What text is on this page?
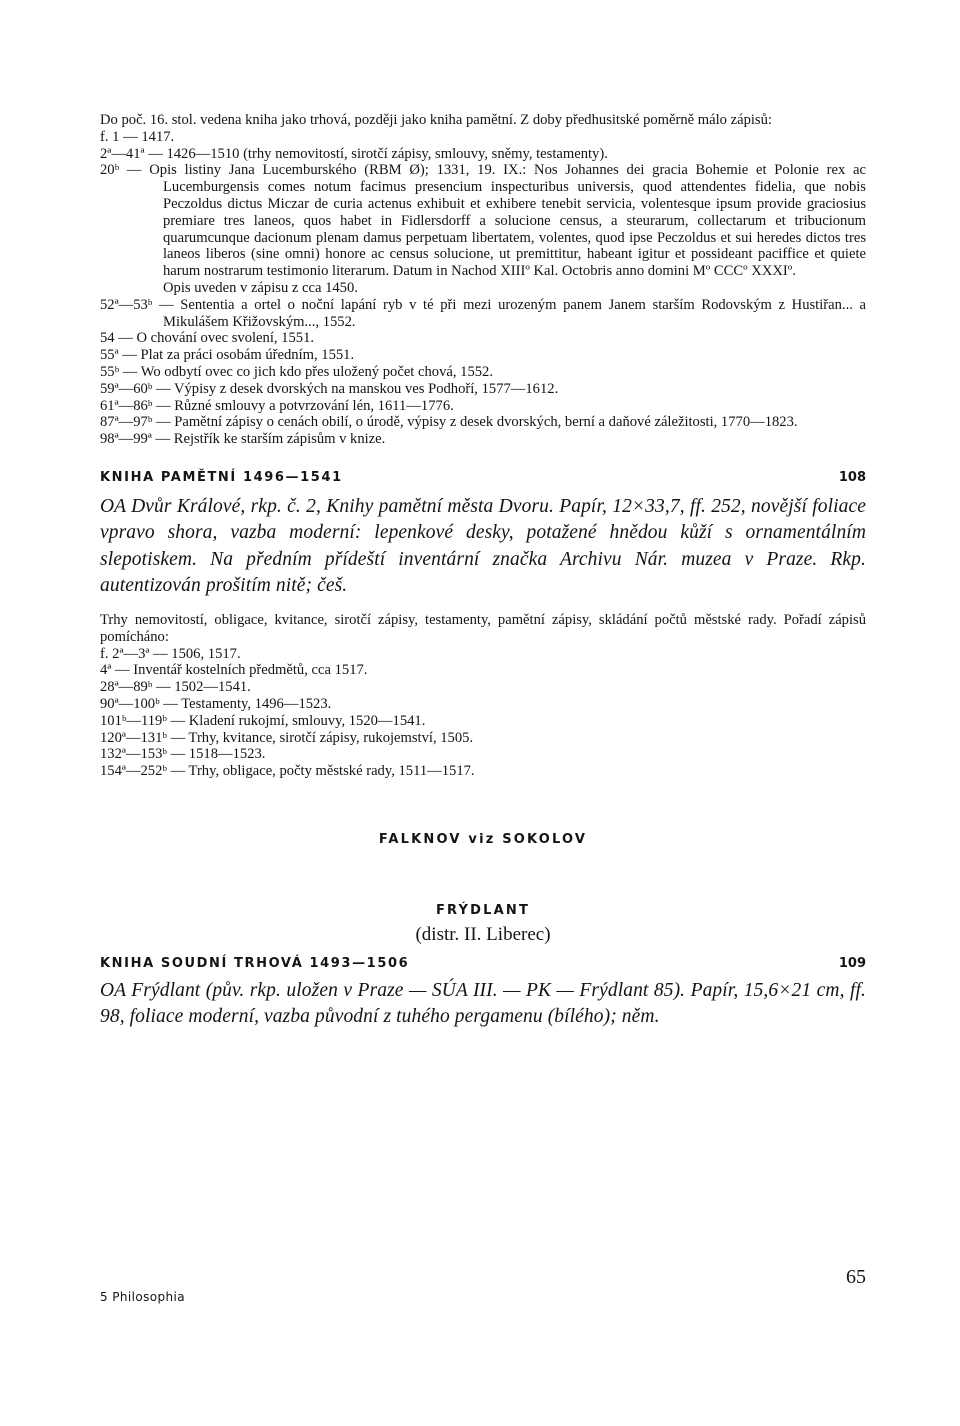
Do poč. 16. stol. vedena kniha jako trhová, později jako kniha pamětní. Z doby předhusitské poměrně málo zápisů:

f. 1 — 1417.

2ª—41ª — 1426—1510 (trhy nemovitostí, sirotčí zápisy, smlouvy, sněmy, testamenty).

20ᵇ — Opis listiny Jana Lucemburského (RBM Ø); 1331, 19. IX.: Nos Johannes dei gracia Bohemie et Polonie rex ac Lucemburgensis comes notum facimus presencium inspecturibus universis, quod attendentes fidelia, que nobis Peczoldus dictus Miczar de curia actenus exhibuit et exhibere tenebit servicia, volentesque ipsum provide graciosius premiare tres laneos, quos habet in Fidlersdorff a solucione census, a steurarum, collectarum et tribucionum quarumcunque dacionum plenam damus perpetuam libertatem, volentes, quod ipse Peczoldus et sui heredes dictos tres laneos liberos (sine omni) honore ac census solucione, ut premittitur, habeant igitur et possideant paciffice et quiete harum nostrarum testimonio literarum. Datum in Nachod XIIIº Kal. Octobris anno domini Mº CCCº XXXIº.

Opis uveden v zápisu z cca 1450.

52ª—53ᵇ — Sententia a ortel o noční lapání ryb v té při mezi urozeným panem Janem starším Rodovským z Hustiřan... a Mikulášem Křižovským..., 1552.

54 — O chování ovec svolení, 1551.

55ª — Plat za práci osobám úředním, 1551.

55ᵇ — Wo odbytí ovec co jich kdo přes uložený počet chová, 1552.

59ª—60ᵇ — Výpisy z desek dvorských na manskou ves Podhoří, 1577—1612.

61ª—86ᵇ — Různé smlouvy a potvrzování lén, 1611—1776.

87ª—97ᵇ — Pamětní zápisy o cenách obilí, o úrodě, výpisy z desek dvorských, berní a daňové záležitosti, 1770—1823.

98ª—99ª — Rejstřík ke starším zápisům v knize.

KNIHA PAMĚTNÍ 1496—1541	108

OA Dvůr Králové, rkp. č. 2, Knihy pamětní města Dvoru. Papír, 12×33,7, ff. 252, novější foliace vpravo shora, vazba moderní: lepenkové desky, potažené hnědou kůží s ornamentálním slepotiskem. Na předním přídeští inventární značka Archivu Nár. muzea v Praze. Rkp. autentizován prošitím nitě; češ.

Trhy nemovitostí, obligace, kvitance, sirotčí zápisy, testamenty, pamětní zápisy, skládání počtů městské rady. Pořadí zápisů pomícháno:

f. 2ª—3ª — 1506, 1517.

4ª — Inventář kostelních předmětů, cca 1517.

28ª—89ᵇ — 1502—1541.

90ª—100ᵇ — Testamenty, 1496—1523.

101ᵇ—119ᵇ — Kladení rukojmí, smlouvy, 1520—1541.

120ª—131ᵇ — Trhy, kvitance, sirotčí zápisy, rukojemství, 1505.

132ª—153ᵇ — 1518—1523.

154ª—252ᵇ — Trhy, obligace, počty městské rady, 1511—1517.

FALKNOV viz SOKOLOV

FRÝDLANT

(distr. II. Liberec)

KNIHA SOUDNÍ TRHOVÁ 1493—1506	109

OA Frýdlant (pův. rkp. uložen v Praze — SÚA III. — PK — Frýdlant 85). Papír, 15,6×21 cm, ff. 98, foliace moderní, vazba původní z tuhého pergamenu (bílého); něm.

5 Philosophia
65
